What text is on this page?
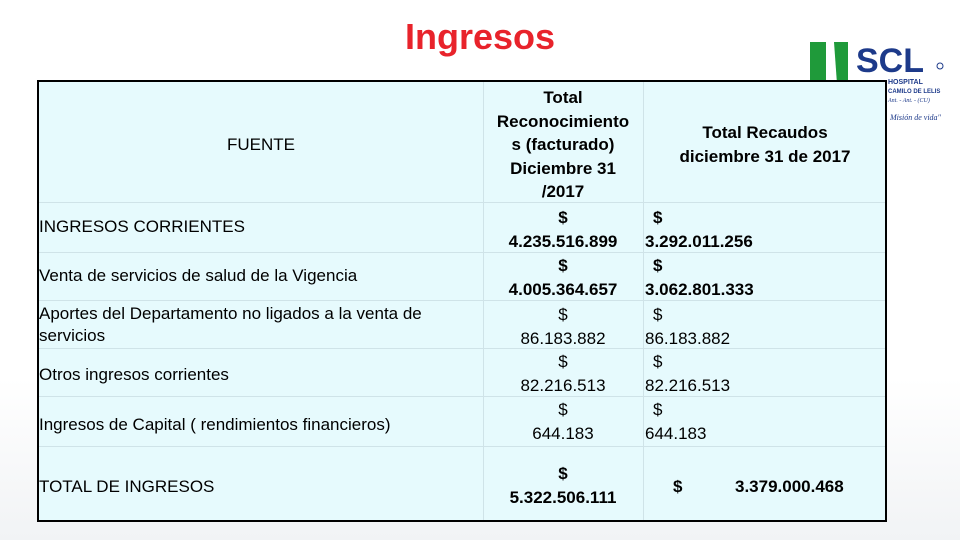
Ingresos
SCL
HOSPITAL
CAMILO DE LELIS
Ant. - Ant. - (CU)
Misión de vida"
FUENTE
Total
Reconocimiento
s (facturado)
Diciembre 31
/2017
Total Recaudos
diciembre 31 de 2017
INGRESOS CORRIENTES	$
4.235.516.899
$
3.292.011.256
Venta de servicios de salud de la Vigencia
$
4.005.364.657
$
3.062.801.333
Aportes del Departamento no ligados a la venta de servicios
$
86.183.882
$
86.183.882
Otros ingresos corrientes
$
82.216.513
$
82.216.513
Ingresos de Capital ( rendimientos financieros)
$
644.183
$
644.183
TOTAL DE INGRESOS
$
5.322.506.111
$	3.379.000.468
